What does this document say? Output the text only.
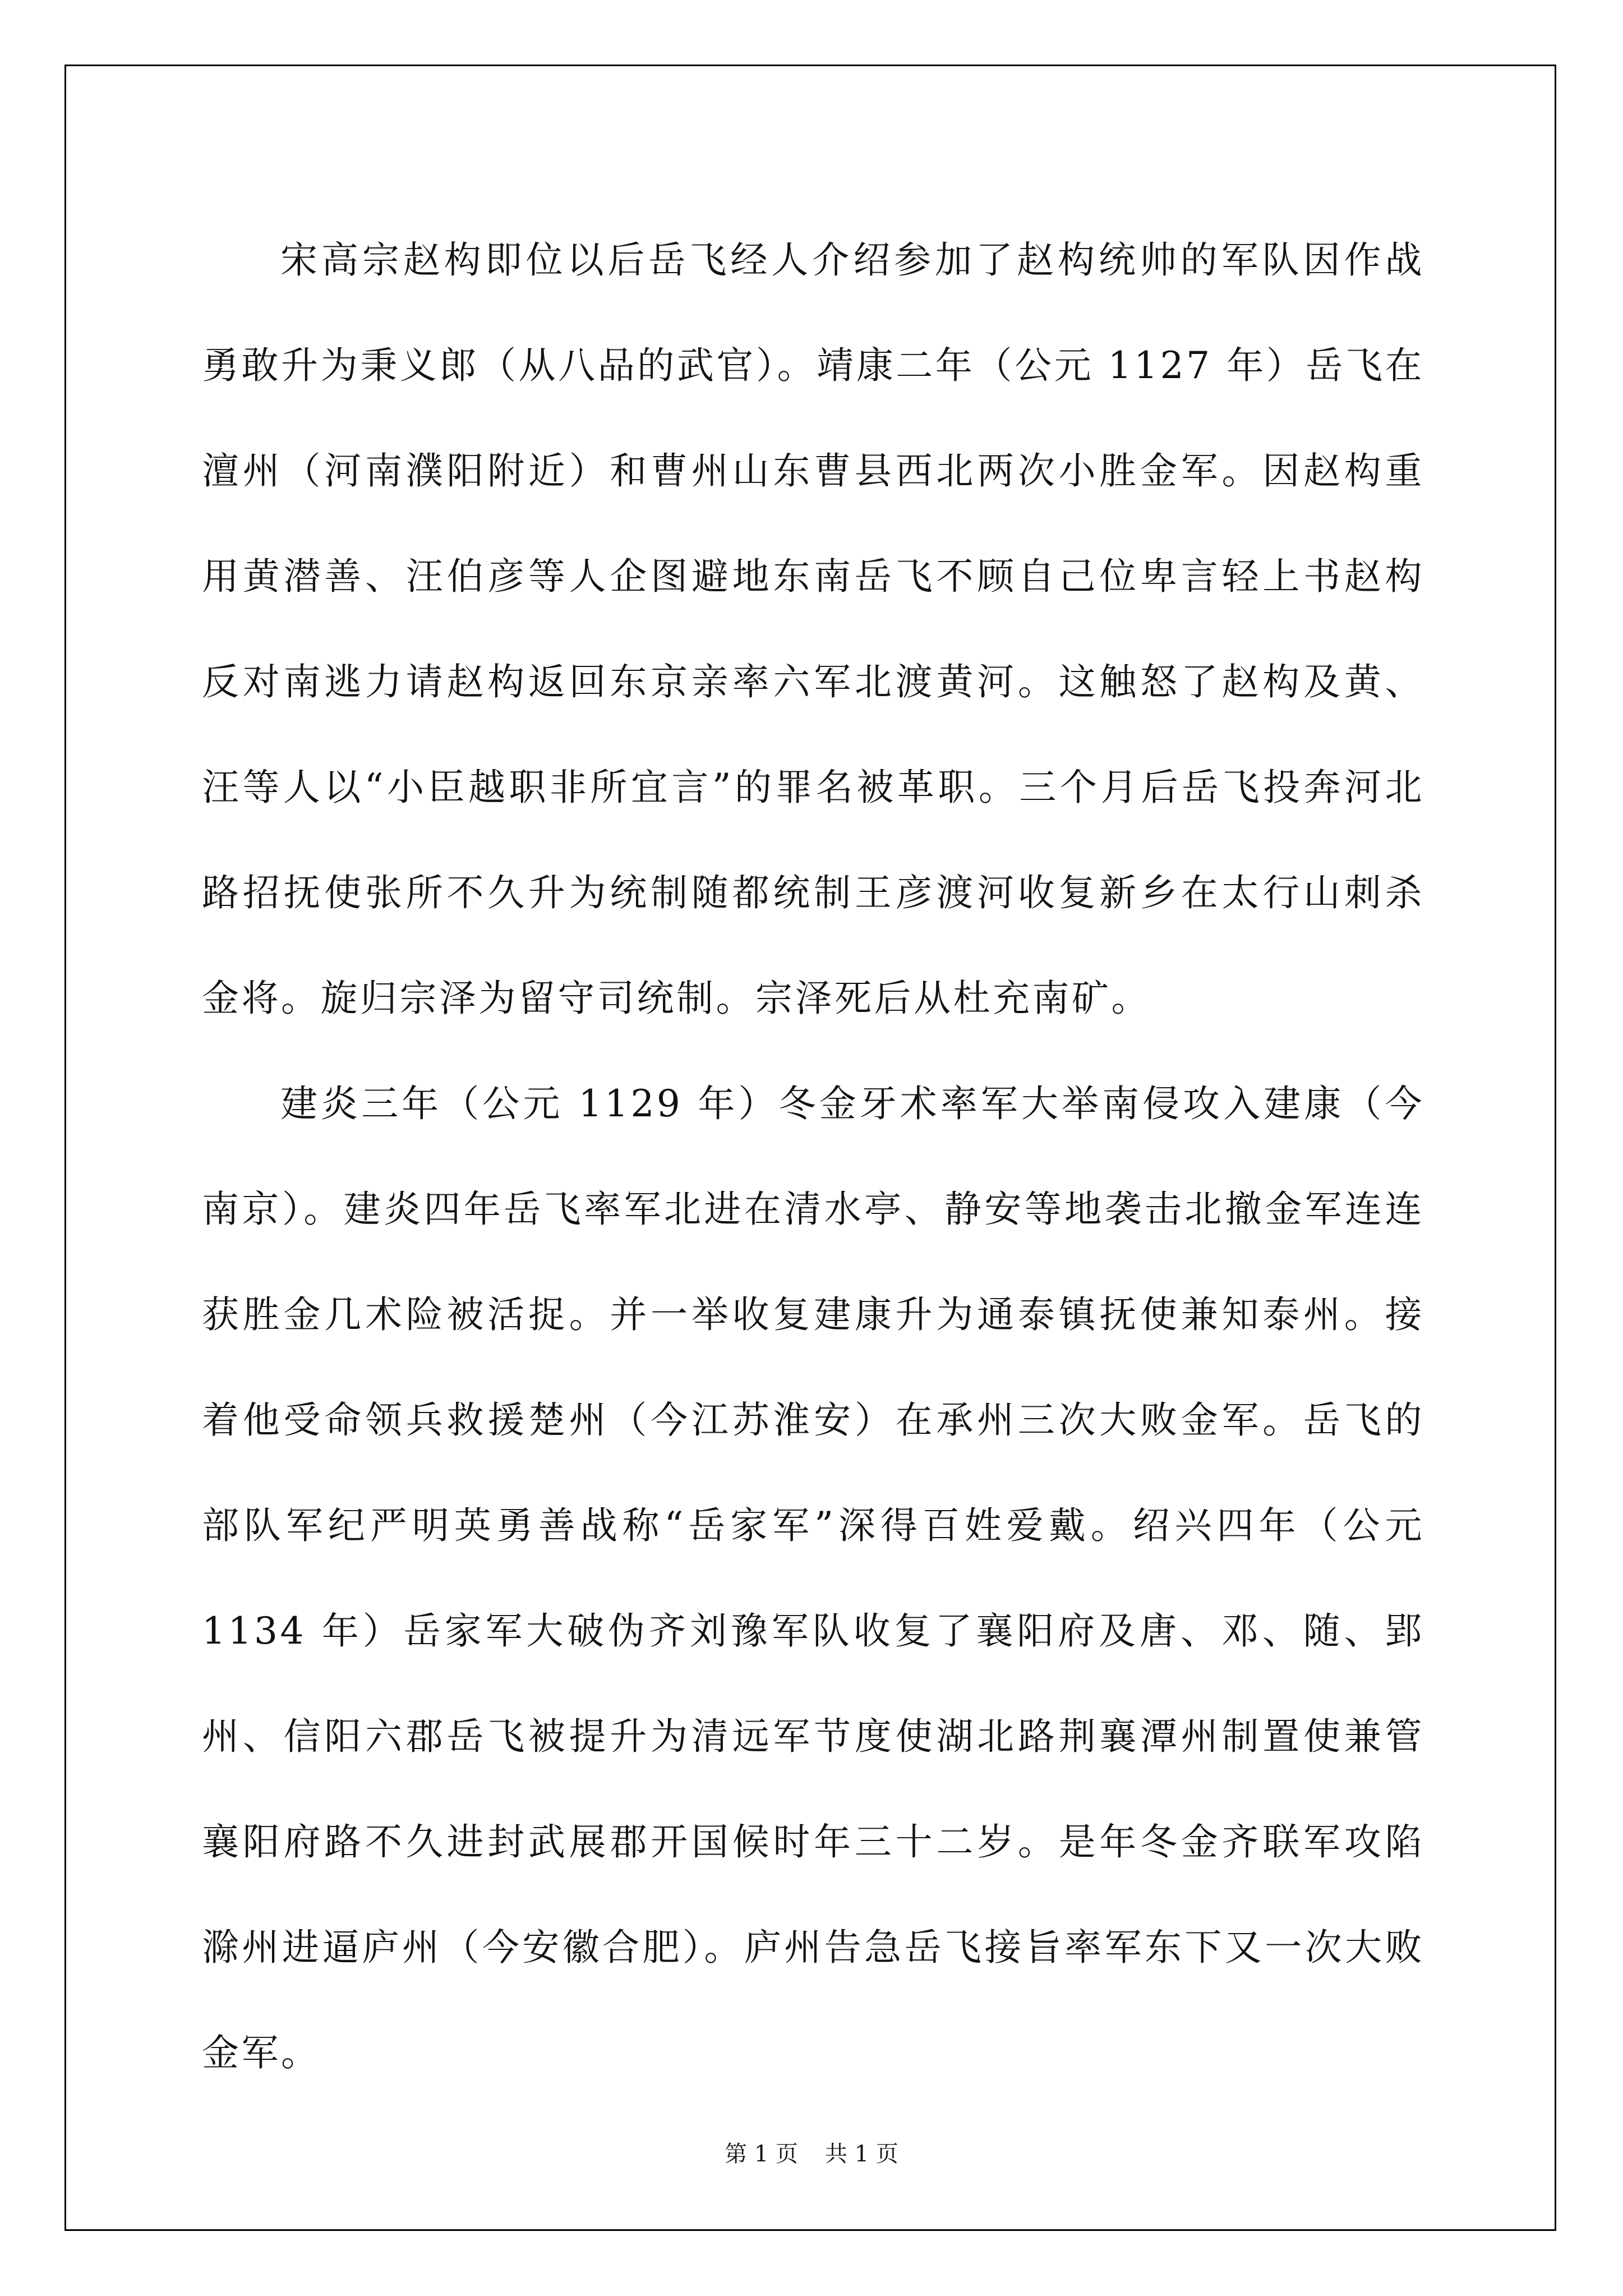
宋高宗赵构即位以后岳飞经人介绍参加了赵构统帅的军队因作战勇敢升为秉义郎（从八品的武官）。靖康二年（公元 1127 年）岳飞在澶州（河南濮阳附近）和曹州山东曹县西北两次小胜金军。因赵构重用黄潜善、汪伯彦等人企图避地东南岳飞不顾自己位卑言轻上书赵构反对南逃力请赵构返回东京亲率六军北渡黄河。这触怒了赵构及黄、汪等人以“小臣越职非所宜言”的罪名被革职。三个月后岳飞投奔河北路招抚使张所不久升为统制随都统制王彦渡河收复新乡在太行山刺杀金将。旋归宗泽为留守司统制。宗泽死后从杜充南矿。

建炎三年（公元 1129 年）冬金牙术率军大举南侵攻入建康（今南京）。建炎四年岳飞率军北进在清水亭、静安等地袭击北撤金军连连获胜金几术险被活捉。并一举收复建康升为通泰镇抚使兼知泰州。接着他受命领兵救援楚州（今江苏淮安）在承州三次大败金军。岳飞的部队军纪严明英勇善战称“岳家军”深得百姓爱戴。绍兴四年（公元 1134 年）岳家军大破伪齐刘豫军队收复了襄阳府及唐、邓、随、郢州、信阳六郡岳飞被提升为清远军节度使湖北路荆襄潭州制置使兼管襄阳府路不久进封武展郡开国候时年三十二岁。是年冬金齐联军攻陷滁州进逼庐州（今安徽合肥）。庐州告急岳飞接旨率军东下又一次大败金军。

第 1 页 共 1 页
